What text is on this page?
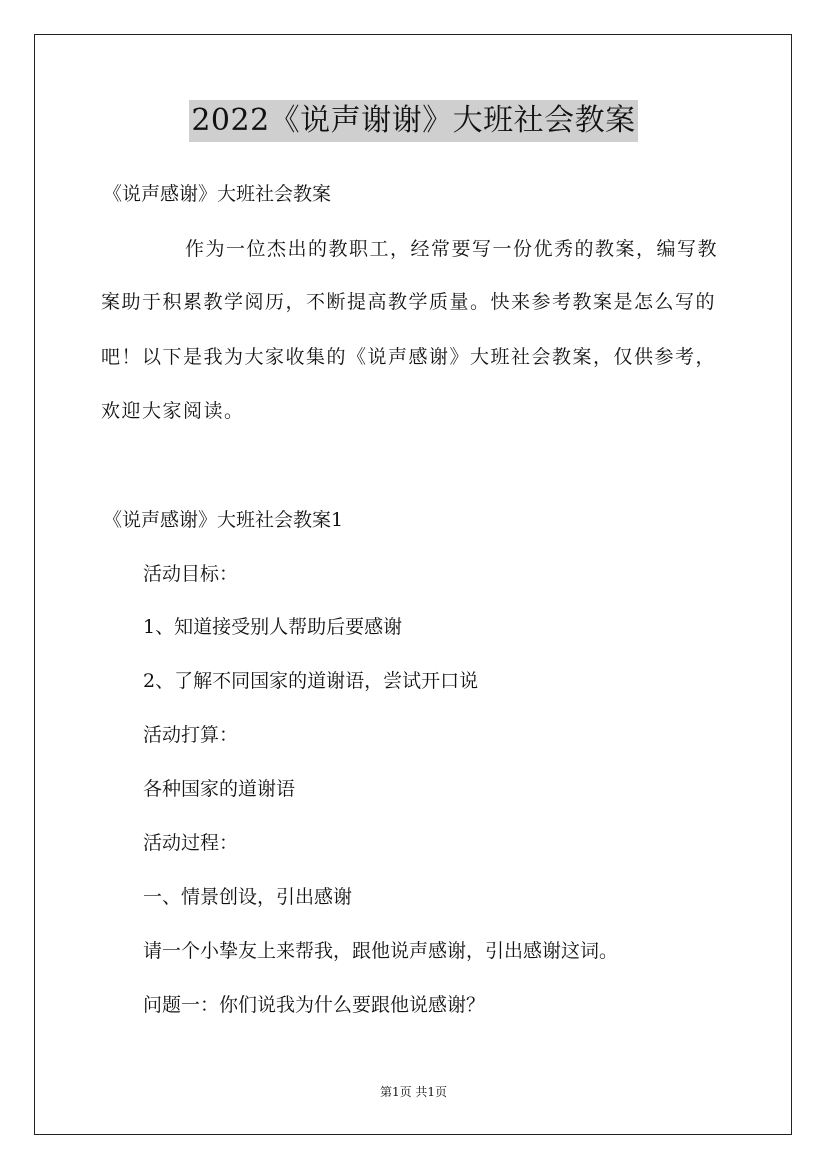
2022《说声谢谢》大班社会教案
《说声感谢》大班社会教案
作为一位杰出的教职工，经常要写一份优秀的教案，编写教
案助于积累教学阅历，不断提高教学质量。快来参考教案是怎么写的
吧！以下是我为大家收集的《说声感谢》大班社会教案，仅供参考，
欢迎大家阅读。
《说声感谢》大班社会教案1
活动目标：
1、知道接受别人帮助后要感谢
2、了解不同国家的道谢语，尝试开口说
活动打算：
各种国家的道谢语
活动过程：
一、情景创设，引出感谢
请一个小挚友上来帮我，跟他说声感谢，引出感谢这词。
问题一：你们说我为什么要跟他说感谢？
第1页 共1页
